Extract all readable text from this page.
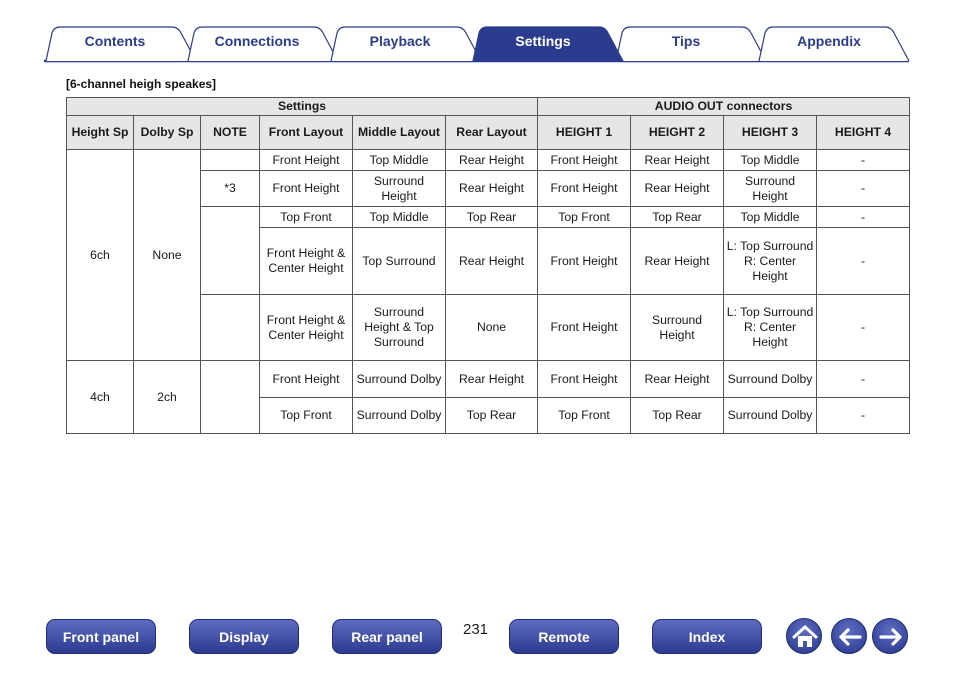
Contents	Connections	Playback	Settings	Tips	Appendix
[6-channel heigh speakes]
Settings						AUDIO OUT connectors			
Height Sp	Dolby Sp	NOTE	Front Layout	Middle Layout	Rear Layout	HEIGHT 1	HEIGHT 2	HEIGHT 3	HEIGHT 4
6ch	None		Front Height	Top Middle	Rear Height	Front Height	Rear Height	Top Middle	-
		*3	Front Height	Surround Height	Rear Height	Front Height	Rear Height	Surround Height	-
			Top Front	Top Middle	Top Rear	Top Front	Top Rear	Top Middle	-
			Front Height & Center Height	Top Surround	Rear Height	Front Height	Rear Height	L: Top Surround R: Center Height	-
			Front Height & Center Height	Surround Height & Top Surround	None	Front Height	Surround Height	L: Top Surround R: Center Height	-
4ch	2ch		Front Height	Surround Dolby	Rear Height	Front Height	Rear Height	Surround Dolby	-
			Top Front	Surround Dolby	Top Rear	Top Front	Top Rear	Surround Dolby	-
Front panel	Display	Rear panel	231	Remote	Index
